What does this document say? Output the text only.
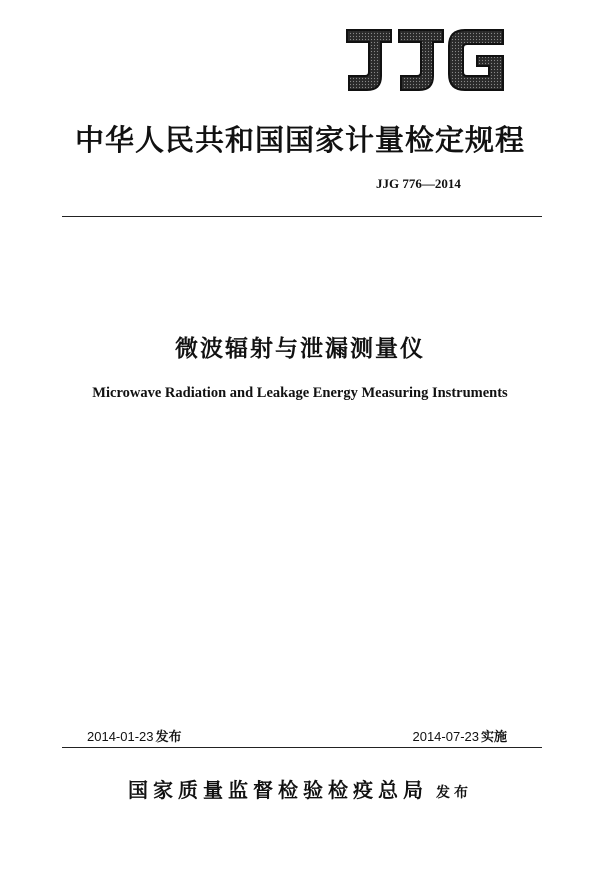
中华人民共和国国家计量检定规程
JJG 776—2014
微波辐射与泄漏测量仪
Microwave Radiation and Leakage Energy Measuring Instruments
2014-01-23 发布	2014-07-23 实施
国家质量监督检验检疫总局 发布
